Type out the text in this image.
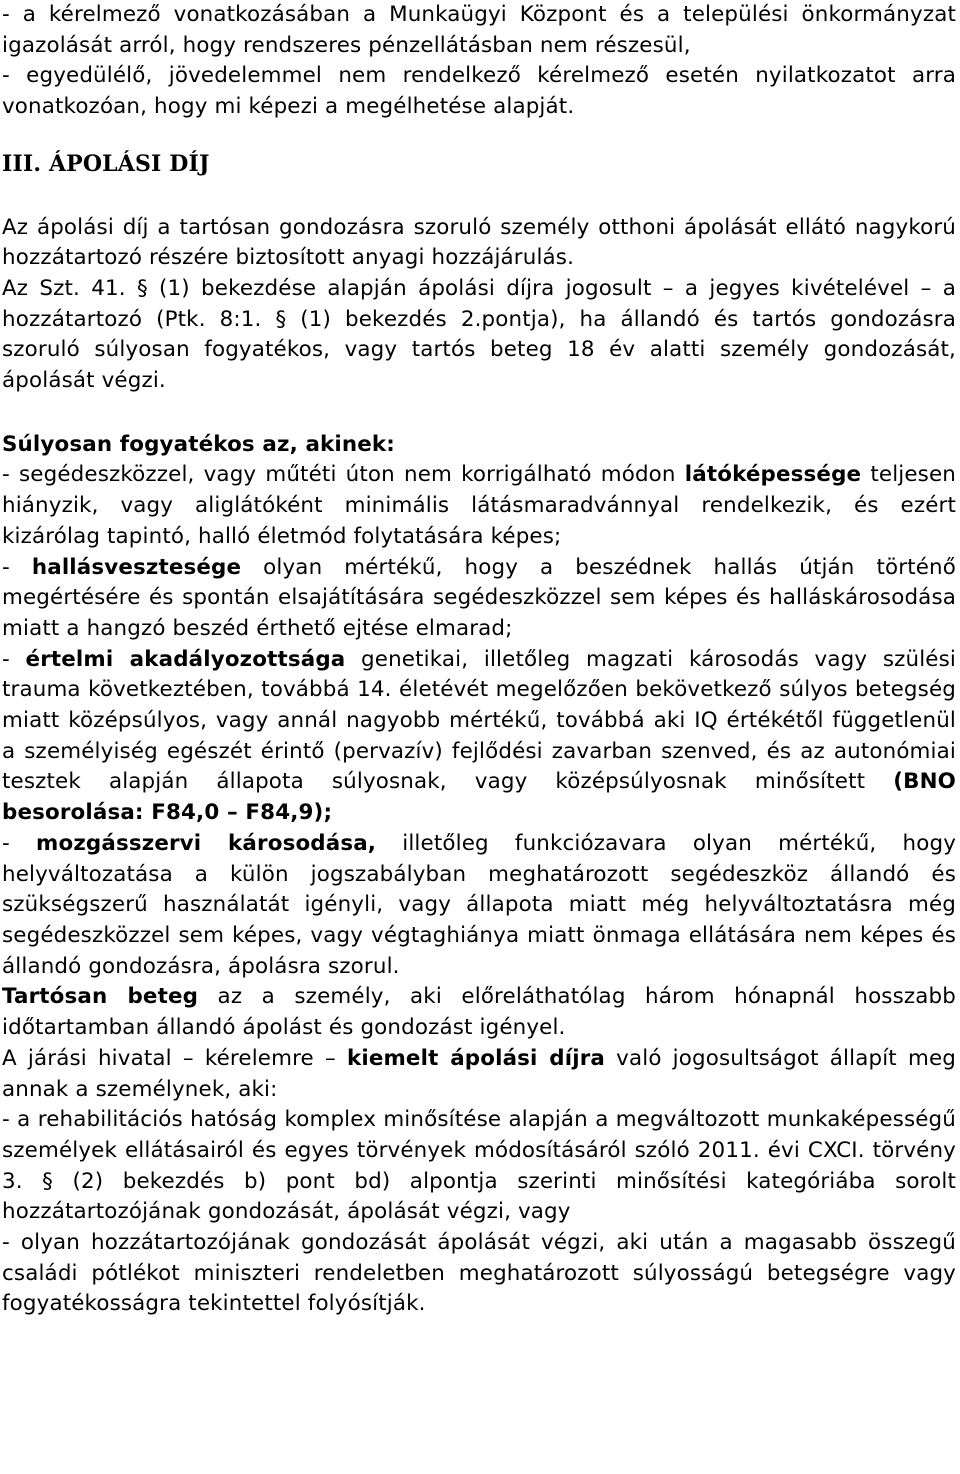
- a kérelmező vonatkozásában a Munkaügyi Központ és a települési önkormányzat igazolását arról, hogy rendszeres pénzellátásban nem részesül,

- egyedülélő, jövedelemmel nem rendelkező kérelmező esetén nyilatkozatot arra vonatkozóan, hogy mi képezi a megélhetése alapját.

III. ÁPOLÁSI DÍJ

Az ápolási díj a tartósan gondozásra szoruló személy otthoni ápolását ellátó nagykorú hozzátartozó részére biztosított anyagi hozzájárulás.

Az Szt. 41. § (1) bekezdése alapján ápolási díjra jogosult – a jegyes kivételével – a hozzátartozó (Ptk. 8:1. § (1) bekezdés 2.pontja), ha állandó és tartós gondozásra szoruló súlyosan fogyatékos, vagy tartós beteg 18 év alatti személy gondozását, ápolását végzi.

Súlyosan fogyatékos az, akinek:

- segédeszközzel, vagy műtéti úton nem korrigálható módon látóképessége teljesen hiányzik, vagy aliglátóként minimális látásmaradvánnyal rendelkezik, és ezért kizárólag tapintó, halló életmód folytatására képes;

- hallásvesztesége olyan mértékű, hogy a beszédnek hallás útján történő megértésére és spontán elsajátítására segédeszközzel sem képes és halláskárosodása miatt a hangzó beszéd érthető ejtése elmarad;

- értelmi akadályozottsága genetikai, illetőleg magzati károsodás vagy szülési trauma következtében, továbbá 14. életévét megelőzően bekövetkező súlyos betegség miatt középsúlyos, vagy annál nagyobb mértékű, továbbá aki IQ értékétől függetlenül a személyiség egészét érintő (pervazív) fejlődési zavarban szenved, és az autonómiai tesztek alapján állapota súlyosnak, vagy középsúlyosnak minősített (BNO besorolása: F84,0 – F84,9);

- mozgásszervi károsodása, illetőleg funkciózavara olyan mértékű, hogy helyváltozatása a külön jogszabályban meghatározott segédeszköz állandó és szükségszerű használatát igényli, vagy állapota miatt még helyváltoztatásra még segédeszközzel sem képes, vagy végtaghiánya miatt önmaga ellátására nem képes és állandó gondozásra, ápolásra szorul.

Tartósan beteg az a személy, aki előreláthatólag három hónapnál hosszabb időtartamban állandó ápolást és gondozást igényel.

A járási hivatal – kérelemre – kiemelt ápolási díjra való jogosultságot állapít meg annak a személynek, aki:

- a rehabilitációs hatóság komplex minősítése alapján a megváltozott munkaképességű személyek ellátásairól és egyes törvények módosításáról szóló 2011. évi CXCI. törvény 3. § (2) bekezdés b) pont bd) alpontja szerinti minősítési kategóriába sorolt hozzátartozójának gondozását, ápolását végzi, vagy

- olyan hozzátartozójának gondozását ápolását végzi, aki után a magasabb összegű családi pótlékot miniszteri rendeletben meghatározott súlyosságú betegségre vagy fogyatékosságra tekintettel folyósítják.
